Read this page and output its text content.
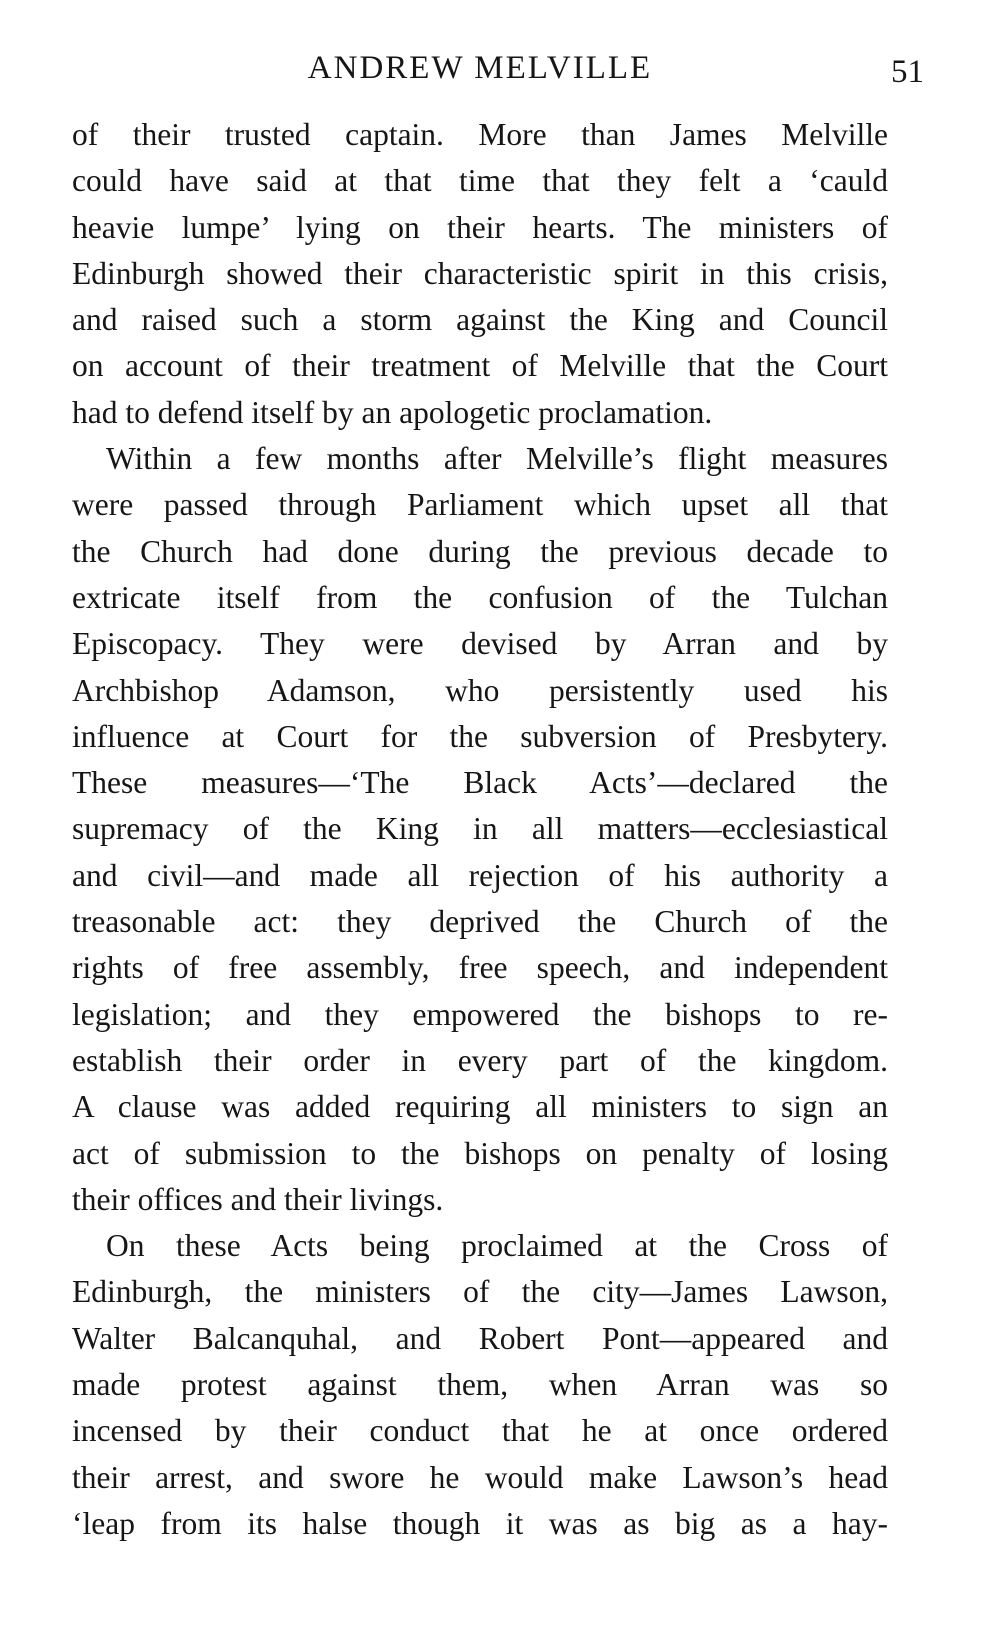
ANDREW MELVILLE	51
of their trusted captain. More than James Melville
could have said at that time that they felt a ‘cauld
heavie lumpe’ lying on their hearts. The ministers of
Edinburgh showed their characteristic spirit in this crisis,
and raised such a storm against the King and Council
on account of their treatment of Melville that the Court
had to defend itself by an apologetic proclamation.
Within a few months after Melville’s flight measures
were passed through Parliament which upset all that
the Church had done during the previous decade to
extricate itself from the confusion of the Tulchan
Episcopacy. They were devised by Arran and by
Archbishop Adamson, who persistently used his
influence at Court for the subversion of Presbytery.
These measures—‘The Black Acts’—declared the
supremacy of the King in all matters—ecclesiastical
and civil—and made all rejection of his authority a
treasonable act: they deprived the Church of the
rights of free assembly, free speech, and independent
legislation; and they empowered the bishops to re-
establish their order in every part of the kingdom.
A clause was added requiring all ministers to sign an
act of submission to the bishops on penalty of losing
their offices and their livings.
On these Acts being proclaimed at the Cross of
Edinburgh, the ministers of the city—James Lawson,
Walter Balcanquhal, and Robert Pont—appeared and
made protest against them, when Arran was so
incensed by their conduct that he at once ordered
their arrest, and swore he would make Lawson’s head
‘leap from its halse though it was as big as a hay-
